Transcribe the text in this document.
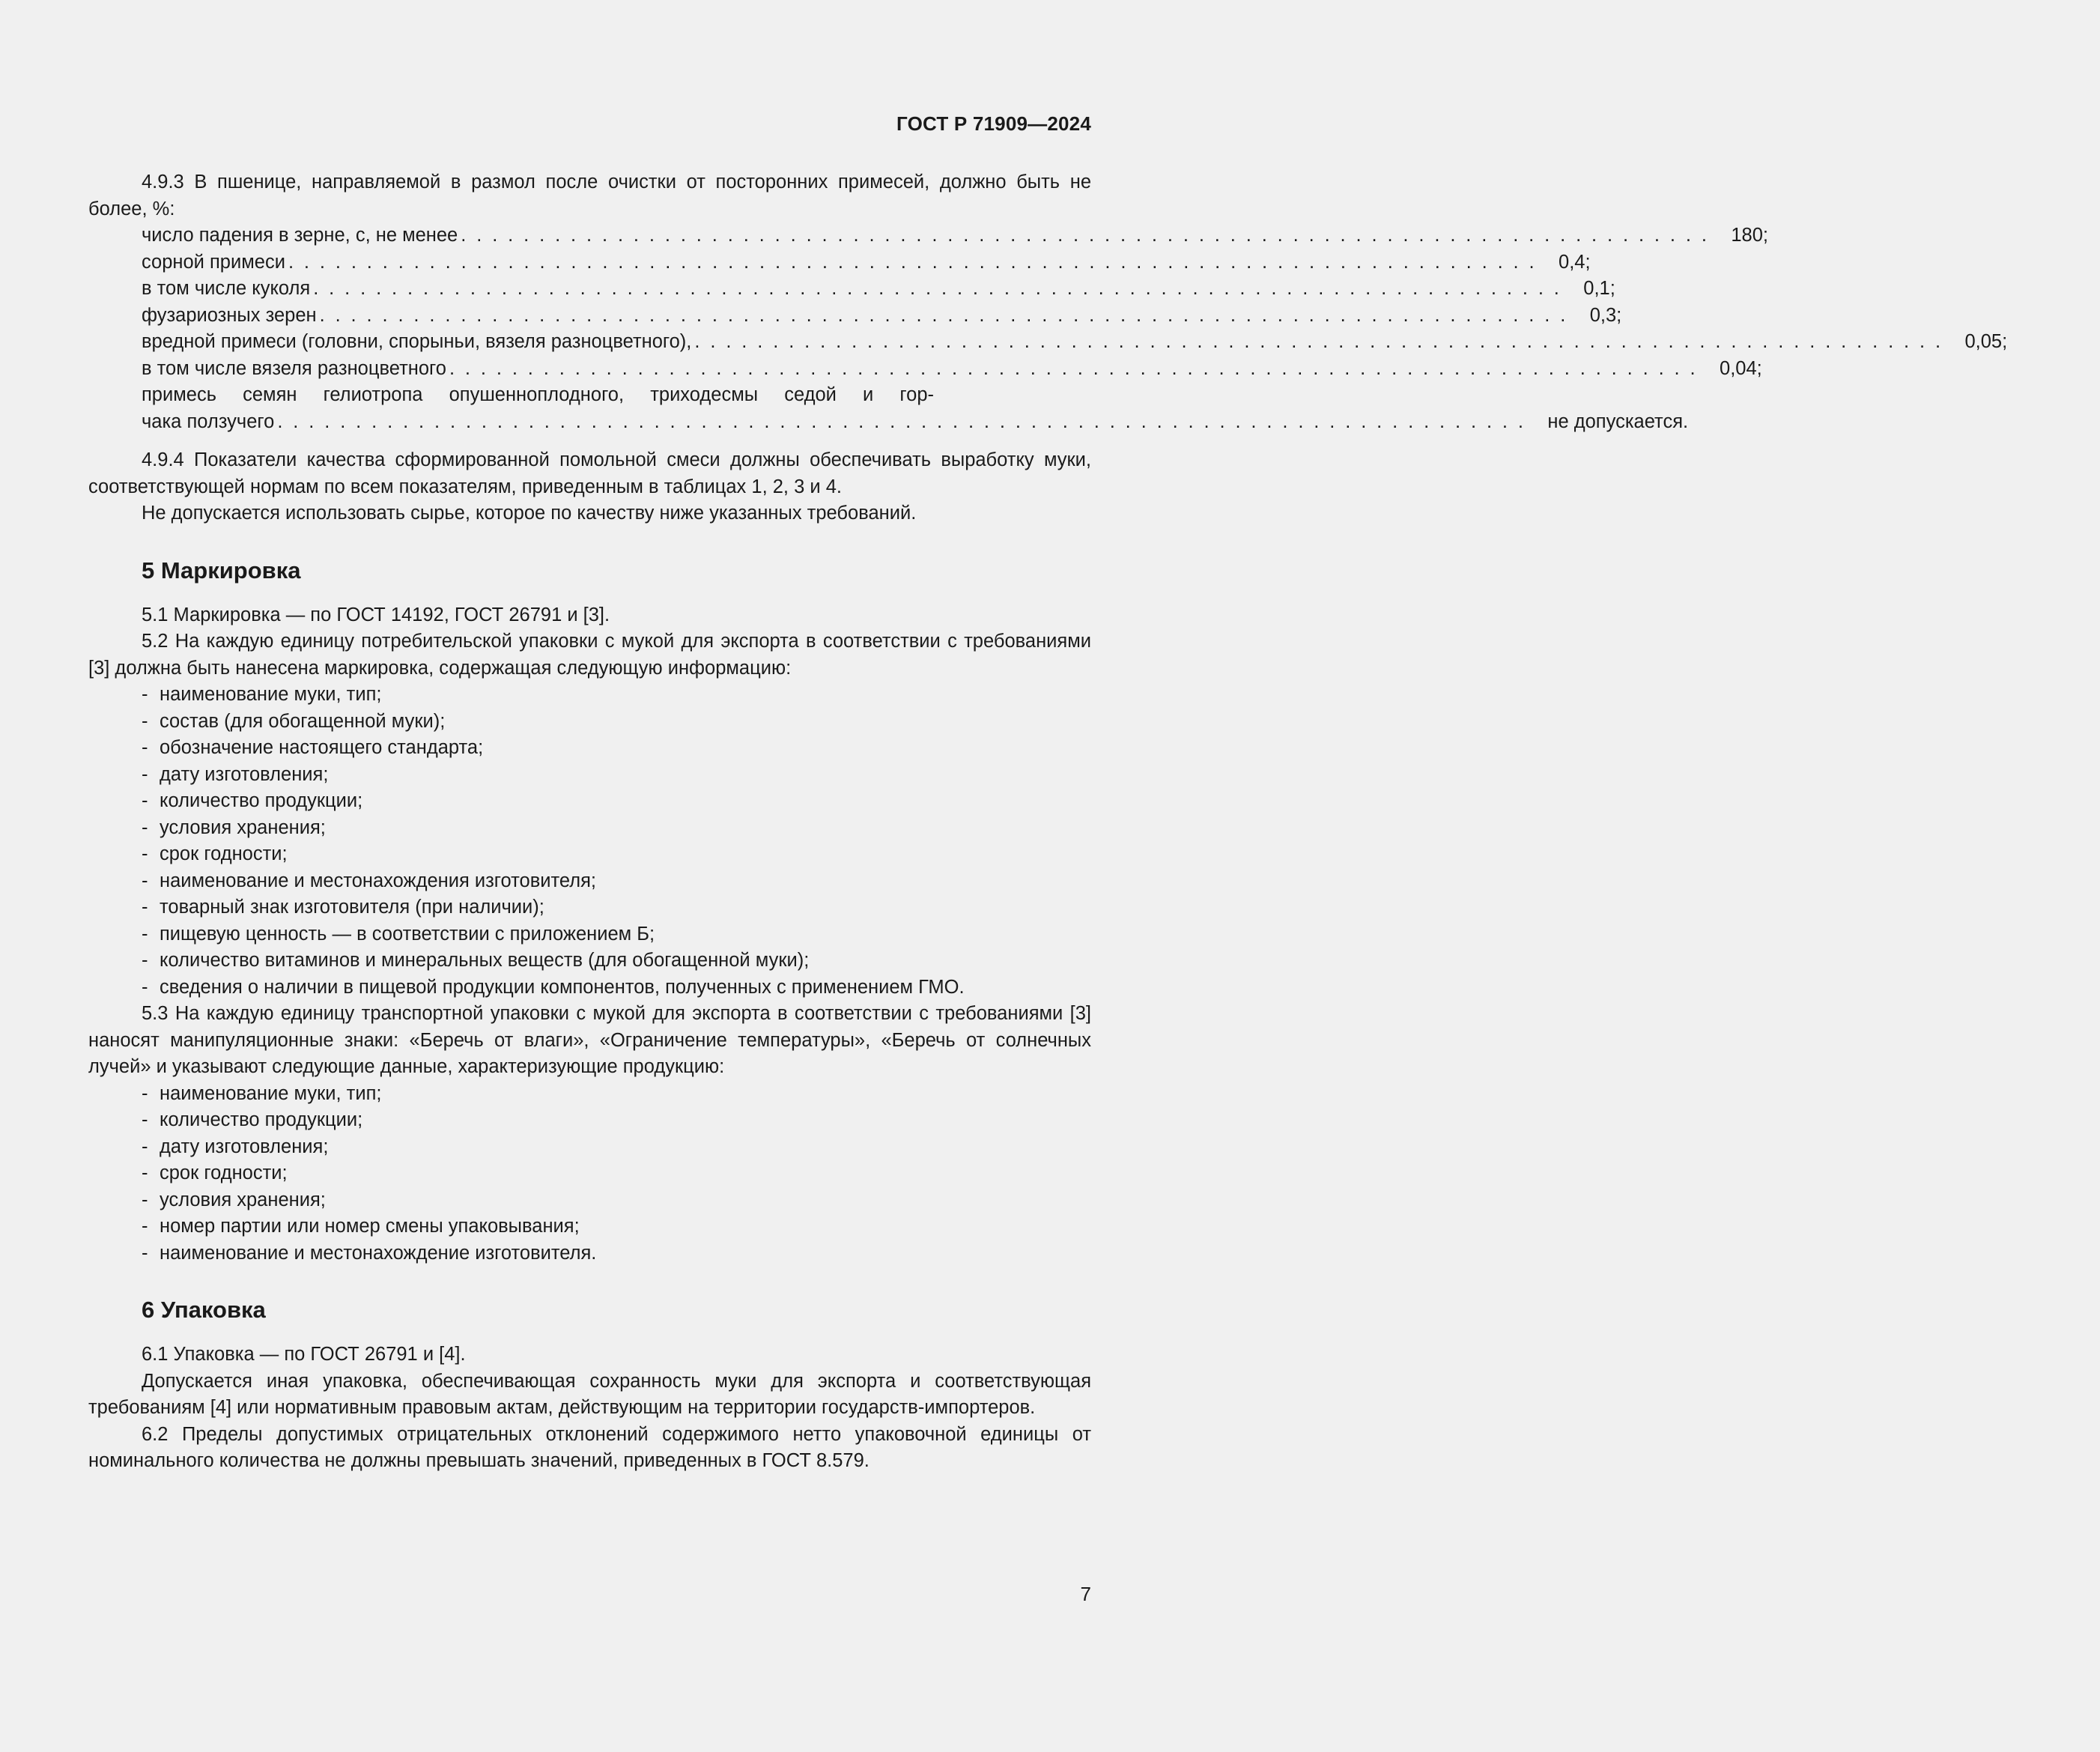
ГОСТ Р 71909—2024

4.9.3 В пшенице, направляемой в размол после очистки от посторонних примесей, должно быть не более, %:

число падения в зерне, с, не менее . . . . . . . . . . . . . . . . . . . . . . . . . . . . . . . . . . . . . . . . . . . . . . . . . . . . . . . . . . . . . . . . . . . . . . . . . . . . . . . .	180;
сорной примеси . . . . . . . . . . . . . . . . . . . . . . . . . . . . . . . . . . . . . . . . . . . . . . . . . . . . . . . . . . . . . . . . . . . . . . . . . . . . . . . .	0,4;
в том числе куколя . . . . . . . . . . . . . . . . . . . . . . . . . . . . . . . . . . . . . . . . . . . . . . . . . . . . . . . . . . . . . . . . . . . . . . . . . . . . . . . .	0,1;
фузариозных зерен . . . . . . . . . . . . . . . . . . . . . . . . . . . . . . . . . . . . . . . . . . . . . . . . . . . . . . . . . . . . . . . . . . . . . . . . . . . . . . . .	0,3;
вредной примеси (головни, спорыньи, вязеля разноцветного), . . . . . . . . . . . . . . . . . . . . . . . . . . . . . . . . . . . . . . . . . . . . . . . . . . . . . . . . . . . . . . . . . . . . . . . . . . . . . . . .	0,05;
в том числе вязеля разноцветного . . . . . . . . . . . . . . . . . . . . . . . . . . . . . . . . . . . . . . . . . . . . . . . . . . . . . . . . . . . . . . . . . . . . . . . . . . . . . . . .	0,04;
примесь семян гелиотропа опушенноплодного, триходесмы седой и гор-
чака ползучего . . . . . . . . . . . . . . . . . . . . . . . . . . . . . . . . . . . . . . . . . . . . . . . . . . . . . . . . . . . . . . . . . . . . . . . . . . . . . . . .	не допускается.

4.9.4 Показатели качества сформированной помольной смеси должны обеспечивать выработку муки, соответствующей нормам по всем показателям, приведенным в таблицах 1, 2, 3 и 4.

Не допускается использовать сырье, которое по качеству ниже указанных требований.

5 Маркировка

5.1 Маркировка — по ГОСТ 14192, ГОСТ 26791 и [3].

5.2 На каждую единицу потребительской упаковки с мукой для экспорта в соответствии с требованиями [3] должна быть нанесена маркировка, содержащая следующую информацию:

- наименование муки, тип;
- состав (для обогащенной муки);
- обозначение настоящего стандарта;
- дату изготовления;
- количество продукции;
- условия хранения;
- срок годности;
- наименование и местонахождения изготовителя;
- товарный знак изготовителя (при наличии);
- пищевую ценность — в соответствии с приложением Б;
- количество витаминов и минеральных веществ (для обогащенной муки);
- сведения о наличии в пищевой продукции компонентов, полученных с применением ГМО.

5.3 На каждую единицу транспортной упаковки с мукой для экспорта в соответствии с требованиями [3] наносят манипуляционные знаки: «Беречь от влаги», «Ограничение температуры», «Беречь от солнечных лучей» и указывают следующие данные, характеризующие продукцию:

- наименование муки, тип;
- количество продукции;
- дату изготовления;
- срок годности;
- условия хранения;
- номер партии или номер смены упаковывания;
- наименование и местонахождение изготовителя.
6 Упаковка

6.1 Упаковка — по ГОСТ 26791 и [4].

Допускается иная упаковка, обеспечивающая сохранность муки для экспорта и соответствующая требованиям [4] или нормативным правовым актам, действующим на территории государств-импортеров.

6.2 Пределы допустимых отрицательных отклонений содержимого нетто упаковочной единицы от номинального количества не должны превышать значений, приведенных в ГОСТ 8.579.

7
